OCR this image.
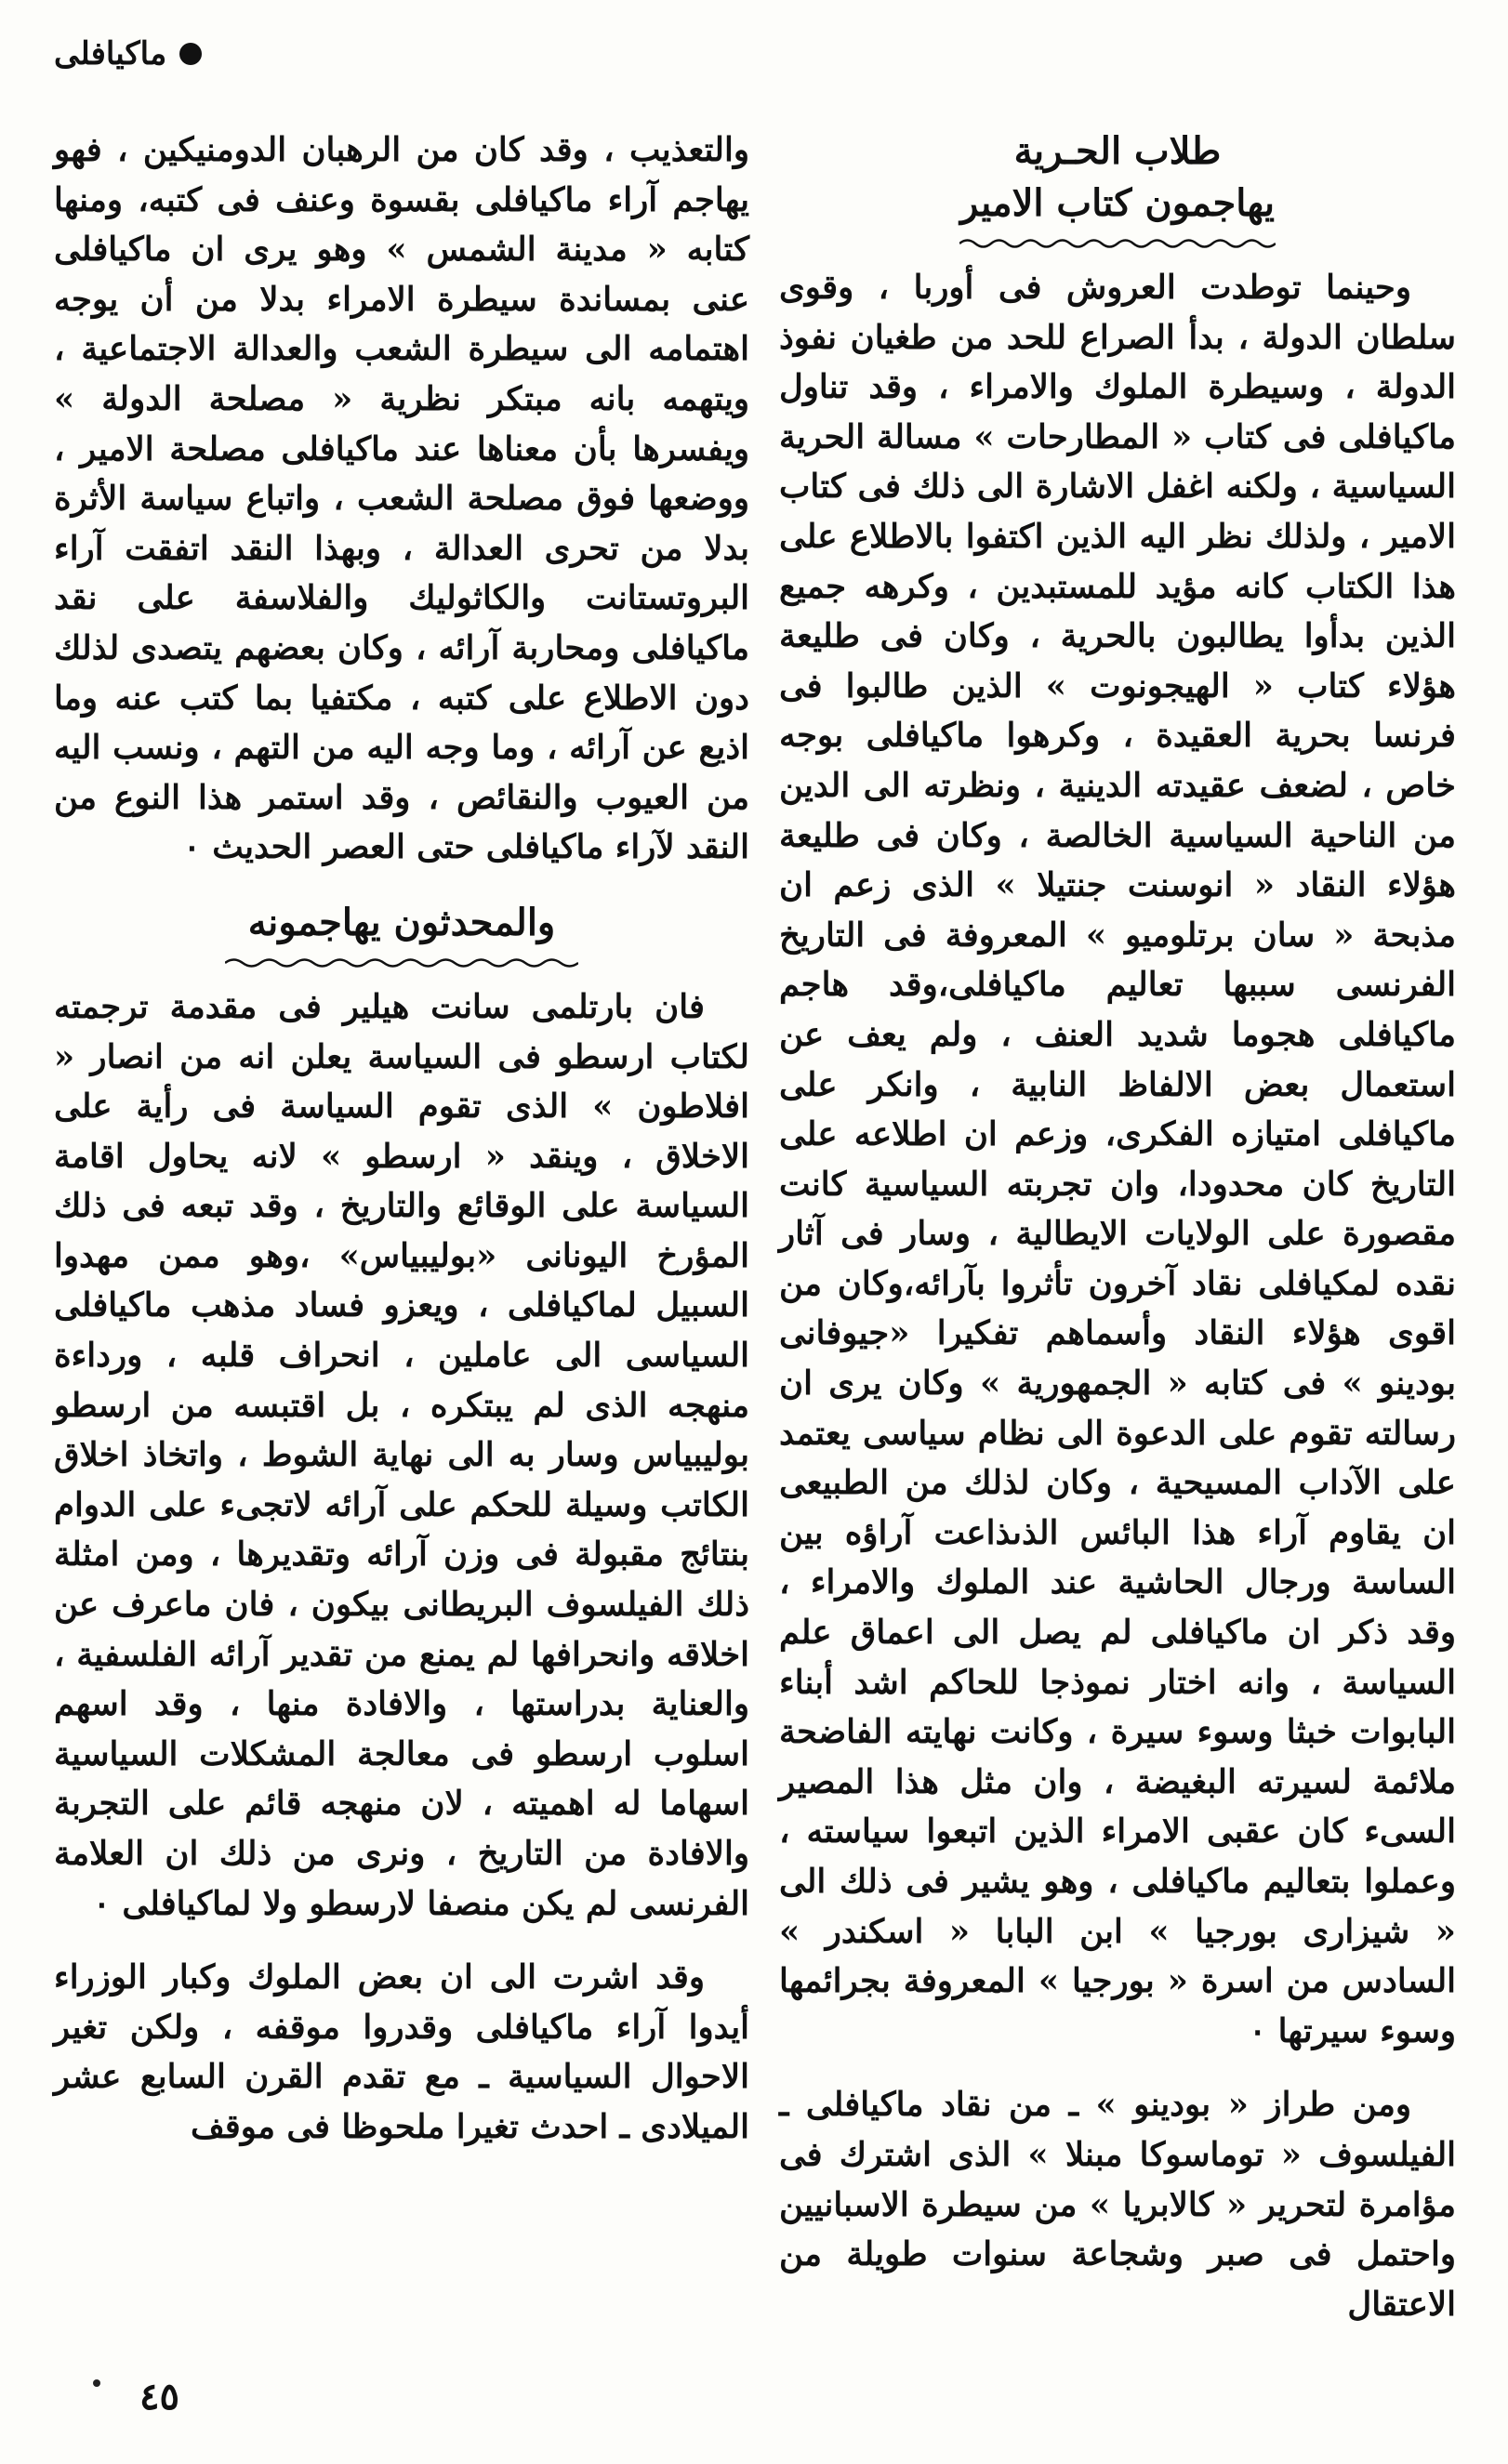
ماكيافلى
طلاب الحـرية
يهاجمون كتاب الامير

وحينما توطدت العروش فى أوربا ، وقوى سلطان الدولة ، بدأ الصراع للحد من طغيان نفوذ الدولة ، وسيطرة الملوك والامراء ، وقد تناول ماكيافلى فى كتاب « المطارحات » مسالة الحرية السياسية ، ولكنه اغفل الاشارة الى ذلك فى كتاب الامير ، ولذلك نظر اليه الذين اكتفوا بالاطلاع على هذا الكتاب كانه مؤيد للمستبدين ، وكرهه جميع الذين بدأوا يطالبون بالحرية ، وكان فى طليعة هؤلاء كتاب « الهيجونوت » الذين طالبوا فى فرنسا بحرية العقيدة ، وكرهوا ماكيافلى بوجه خاص ، لضعف عقيدته الدينية ، ونظرته الى الدين من الناحية السياسية الخالصة ، وكان فى طليعة هؤلاء النقاد « انوسنت جنتيلا » الذى زعم ان مذبحة « سان برتلوميو » المعروفة فى التاريخ الفرنسى سببها تعاليم ماكيافلى،وقد هاجم ماكيافلى هجوما شديد العنف ، ولم يعف عن استعمال بعض الالفاظ النابية ، وانكر على ماكيافلى امتيازه الفكرى، وزعم ان اطلاعه على التاريخ كان محدودا، وان تجربته السياسية كانت مقصورة على الولايات الايطالية ، وسار فى آثار نقده لمكيافلى نقاد آخرون تأثروا بآرائه،وكان من اقوى هؤلاء النقاد وأسماهم تفكيرا «جيوفانى بودينو » فى كتابه « الجمهورية » وكان يرى ان رسالته تقوم على الدعوة الى نظام سياسى يعتمد على الآداب المسيحية ، وكان لذلك من الطبيعى ان يقاوم آراء هذا البائس الذىذاعت آراؤه بين الساسة ورجال الحاشية عند الملوك والامراء ، وقد ذكر ان ماكيافلى لم يصل الى اعماق علم السياسة ، وانه اختار نموذجا للحاكم اشد أبناء البابوات خبثا وسوء سيرة ، وكانت نهايته الفاضحة ملائمة لسيرته البغيضة ، وان مثل هذا المصير السىء كان عقبى الامراء الذين اتبعوا سياسته ، وعملوا بتعاليم ماكيافلى ، وهو يشير فى ذلك الى « شيزارى بورجيا » ابن البابا « اسكندر » السادس من اسرة « بورجيا » المعروفة بجرائمها وسوء سيرتها ٠

ومن طراز « بودينو » ـ من نقاد ماكيافلى ـ الفيلسوف « توماسوكا مبنلا » الذى اشترك فى مؤامرة لتحرير « كالابريا » من سيطرة الاسبانيين واحتمل فى صبر وشجاعة سنوات طويلة من الاعتقال

والتعذيب ، وقد كان من الرهبان الدومنيكين ، فهو يهاجم آراء ماكيافلى بقسوة وعنف فى كتبه، ومنها كتابه « مدينة الشمس » وهو يرى ان ماكيافلى عنى بمساندة سيطرة الامراء بدلا من أن يوجه اهتمامه الى سيطرة الشعب والعدالة الاجتماعية ، ويتهمه بانه مبتكر نظرية « مصلحة الدولة » ويفسرها بأن معناها عند ماكيافلى مصلحة الامير ، ووضعها فوق مصلحة الشعب ، واتباع سياسة الأثرة بدلا من تحرى العدالة ، وبهذا النقد اتفقت آراء البروتستانت والكاثوليك والفلاسفة على نقد ماكيافلى ومحاربة آرائه ، وكان بعضهم يتصدى لذلك دون الاطلاع على كتبه ، مكتفيا بما كتب عنه وما اذيع عن آرائه ، وما وجه اليه من التهم ، ونسب اليه من العيوب والنقائص ، وقد استمر هذا النوع من النقد لآراء ماكيافلى حتى العصر الحديث ٠

والمحدثون يهاجمونه

فان بارتلمى سانت هيلير فى مقدمة ترجمته لكتاب ارسطو فى السياسة يعلن انه من انصار « افلاطون » الذى تقوم السياسة فى رأية على الاخلاق ، وينقد « ارسطو » لانه يحاول اقامة السياسة على الوقائع والتاريخ ، وقد تبعه فى ذلك المؤرخ اليونانى «بوليبياس» ،وهو ممن مهدوا السبيل لماكيافلى ، ويعزو فساد مذهب ماكيافلى السياسى الى عاملين ، انحراف قلبه ، ورداءة منهجه الذى لم يبتكره ، بل اقتبسه من ارسطو بوليبياس وسار به الى نهاية الشوط ، واتخاذ اخلاق الكاتب وسيلة للحكم على آرائه لاتجىء على الدوام بنتائج مقبولة فى وزن آرائه وتقديرها ، ومن امثلة ذلك الفيلسوف البريطانى بيكون ، فان ماعرف عن اخلاقه وانحرافها لم يمنع من تقدير آرائه الفلسفية ، والعناية بدراستها ، والافادة منها ، وقد اسهم اسلوب ارسطو فى معالجة المشكلات السياسية اسهاما له اهميته ، لان منهجه قائم على التجربة والافادة من التاريخ ، ونرى من ذلك ان العلامة الفرنسى لم يكن منصفا لارسطو ولا لماكيافلى ٠

وقد اشرت الى ان بعض الملوك وكبار الوزراء أيدوا آراء ماكيافلى وقدروا موقفه ، ولكن تغير الاحوال السياسية ـ مع تقدم القرن السابع عشر الميلادى ـ احدث تغيرا ملحوظا فى موقف

٤٥
